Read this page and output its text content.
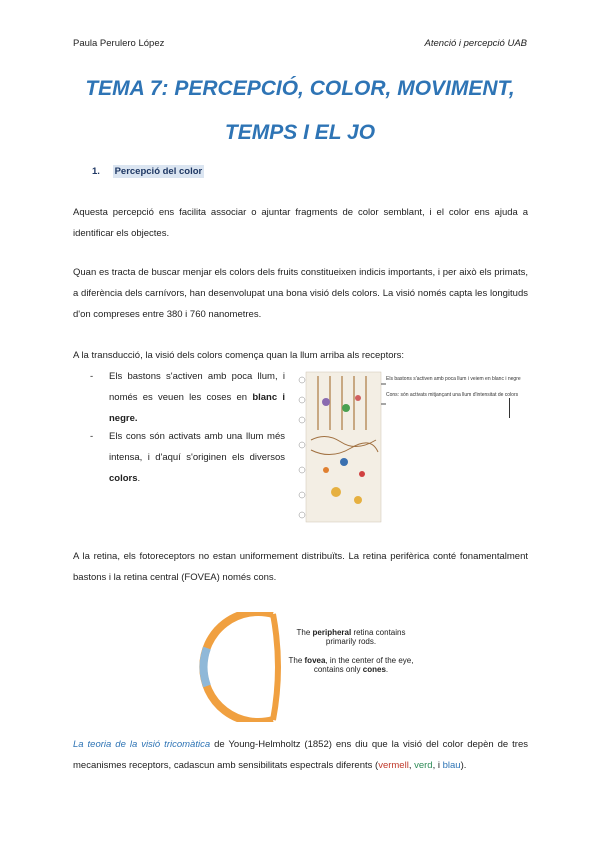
Paula Perulero López	Atenció i percepció UAB
TEMA 7: PERCEPCIÓ, COLOR, MOVIMENT,
TEMPS I EL JO
1. Percepció del color
Aquesta percepció ens facilita associar o ajuntar fragments de color semblant, i el color ens ajuda a identificar els objectes.
Quan es tracta de buscar menjar els colors dels fruits constitueixen indicis importants, i per això els primats, a diferència dels carnívors, han desenvolupat una bona visió dels colors. La visió només capta les longituds d'on compreses entre 380 i 760 nanometres.
A la transducció, la visió dels colors comença quan la llum arriba als receptors:
- Els bastons s'activen amb poca llum, i només es veuen les coses en blanc i negre.
- Els cons són activats amb una llum més intensa, i d'aquí s'originen els diversos colors.
Els bastons s'activen amb poca llum i veiem en blanc i negre
Cons: són activats mitjançant una llum d'intensitat de colors
A la retina, els fotoreceptors no estan uniformement distribuïts. La retina perifèrica conté fonamentalment bastons i la retina central (FOVEA) només cons.
The peripheral retina contains primarily rods.
The fovea, in the center of the eye, contains only cones.
La teoria de la visió tricomàtica de Young-Helmholtz (1852) ens diu que la visió del color depèn de tres mecanismes receptors, cadascun amb sensibilitats espectrals diferents (vermell, verd, i blau).
